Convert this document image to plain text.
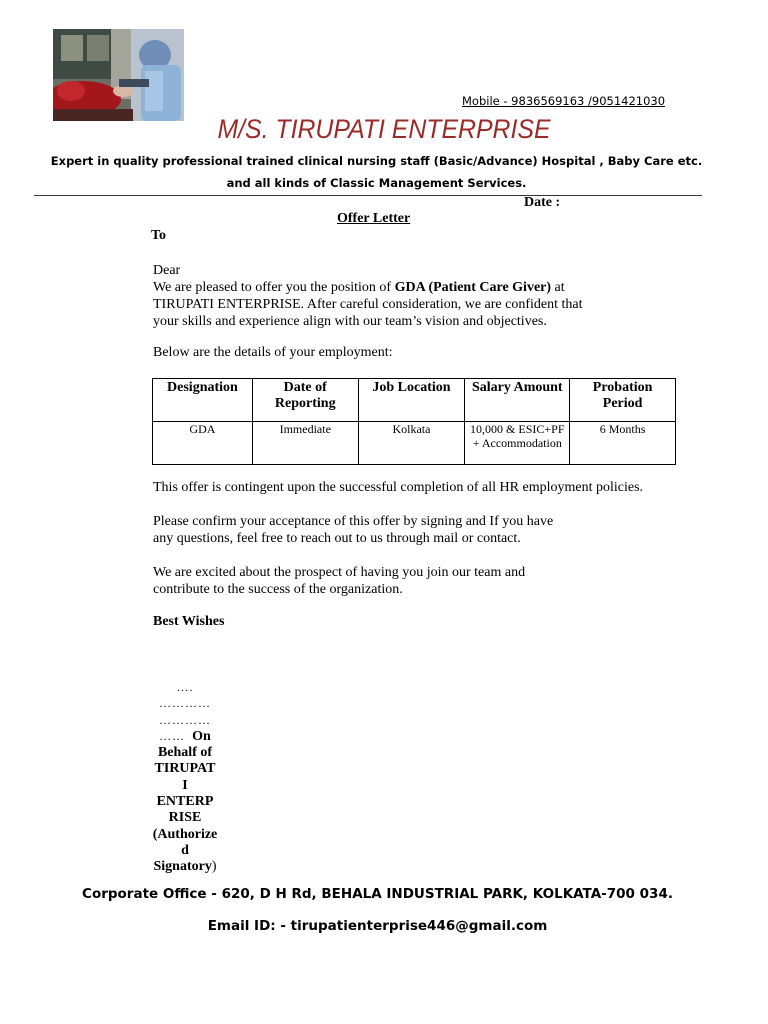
Mobile - 9836569163 /9051421030
M/S. TIRUPATI ENTERPRISE
Expert in quality professional trained clinical nursing staff (Basic/Advance) Hospital , Baby Care etc.
and all kinds of Classic Management Services.
Date :
Offer Letter
To
Dear
We are pleased to offer you the position of GDA (Patient Care Giver) at
TIRUPATI ENTERPRISE. After careful consideration, we are confident that
your skills and experience align with our team’s vision and objectives.
Below are the details of your employment:
Designation	Date of Reporting	Job Location	Salary Amount	Probation Period
GDA	Immediate	Kolkata	10,000 & ESIC+PF + Accommodation	6 Months
This offer is contingent upon the successful completion of all HR employment policies.
Please confirm your acceptance of this offer by signing and If you have
any questions, feel free to reach out to us through mail or contact.
We are excited about the prospect of having you join our team and
contribute to the success of the organization.
Best Wishes
….
…………
…………
…… On
Behalf of
TIRUPAT
I
ENTERP
RISE
(Authorize
d
Signatory)
Corporate Office - 620, D H Rd, BEHALA INDUSTRIAL PARK, KOLKATA-700 034.
Email ID: - tirupatienterprise446@gmail.com
